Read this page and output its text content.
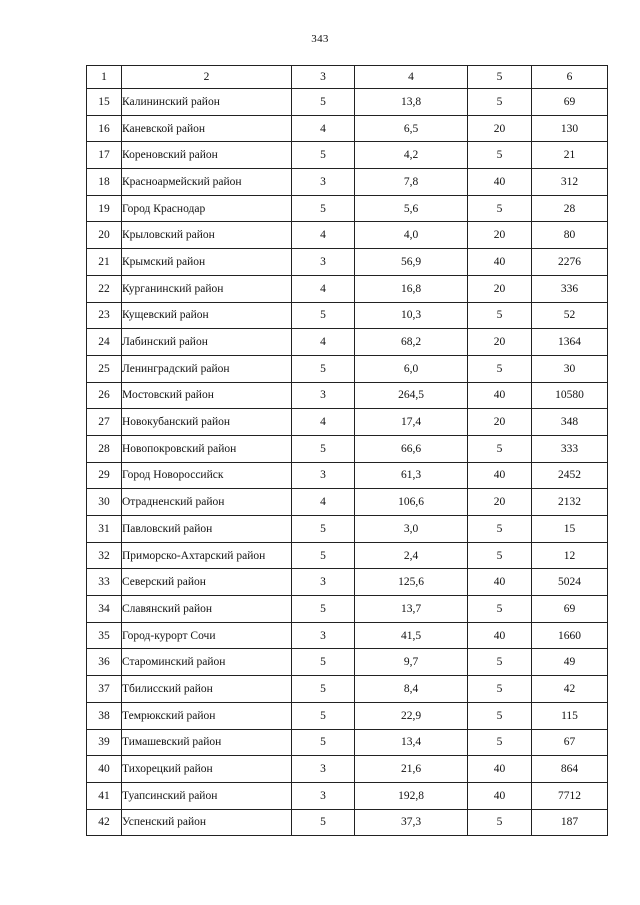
343
1	2	3	4	5	6
15	Калининский район	5	13,8	5	69
16	Каневской район	4	6,5	20	130
17	Кореновский район	5	4,2	5	21
18	Красноармейский район	3	7,8	40	312
19	Город Краснодар	5	5,6	5	28
20	Крыловский район	4	4,0	20	80
21	Крымский район	3	56,9	40	2276
22	Курганинский район	4	16,8	20	336
23	Кущевский район	5	10,3	5	52
24	Лабинский район	4	68,2	20	1364
25	Ленинградский район	5	6,0	5	30
26	Мостовский район	3	264,5	40	10580
27	Новокубанский район	4	17,4	20	348
28	Новопокровский район	5	66,6	5	333
29	Город Новороссийск	3	61,3	40	2452
30	Отрадненский район	4	106,6	20	2132
31	Павловский район	5	3,0	5	15
32	Приморско-Ахтарский район	5	2,4	5	12
33	Северский район	3	125,6	40	5024
34	Славянский район	5	13,7	5	69
35	Город-курорт Сочи	3	41,5	40	1660
36	Староминский район	5	9,7	5	49
37	Тбилисский район	5	8,4	5	42
38	Темрюкский район	5	22,9	5	115
39	Тимашевский район	5	13,4	5	67
40	Тихорецкий район	3	21,6	40	864
41	Туапсинский район	3	192,8	40	7712
42	Успенский район	5	37,3	5	187
